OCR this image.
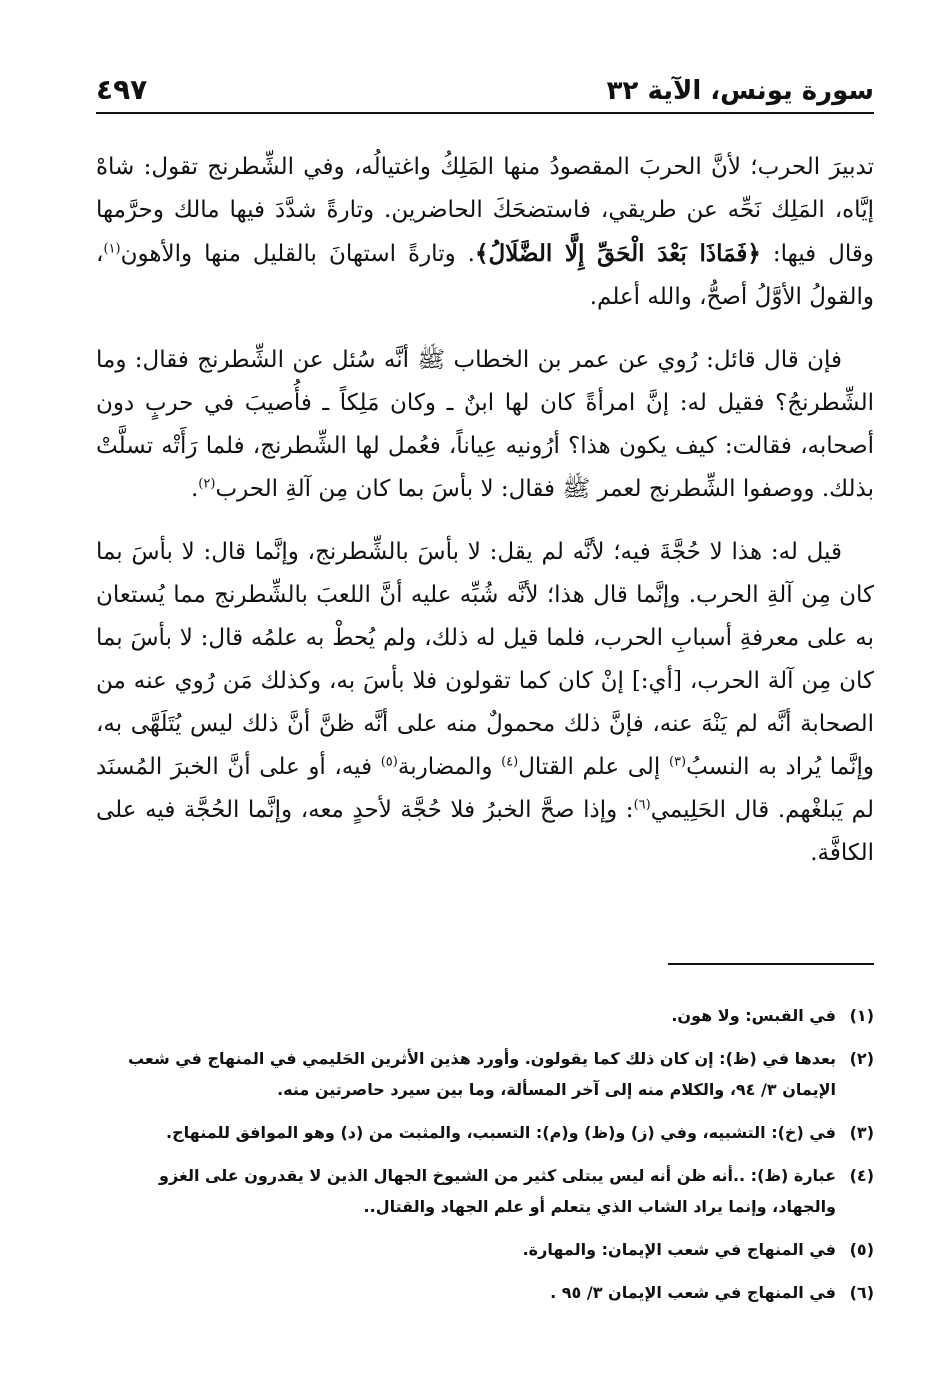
سورة يونس، الآية ٣٢
٤٩٧

تدبيرَ الحرب؛ لأنَّ الحربَ المقصودُ منها المَلِكُ واغتيالُه، وفي الشِّطرنج تقول: شاهْ إيَّاه، المَلِك نَحِّه عن طريقي، فاستضحَكَ الحاضرين. وتارةً شدَّدَ فيها مالك وحرَّمها وقال فيها: ﴿فَمَاذَا بَعْدَ الْحَقِّ إِلَّا الضَّلَالُ﴾. وتارةً استهانَ بالقليل منها والأهون$^{(١)}$، والقولُ الأوَّلُ أصحُّ، والله أعلم.

فإن قال قائل: رُوي عن عمر بن الخطاب ﷺ أنَّه سُئل عن الشِّطرنج فقال: وما الشِّطرنجُ؟ فقيل له: إنَّ امرأةً كان لها ابنٌ ـ وكان مَلِكاً ـ فأُصيبَ في حربٍ دون أصحابه، فقالت: كيف يكون هذا؟ أرُونيه عِياناً، فعُمل لها الشِّطرنج، فلما رَأَتْه تسلَّتْ بذلك. ووصفوا الشِّطرنج لعمر ﷺ فقال: لا بأسَ بما كان مِن آلةِ الحرب$^{(٢)}$.

قيل له: هذا لا حُجَّةَ فيه؛ لأنَّه لم يقل: لا بأسَ بالشِّطرنج، وإنَّما قال: لا بأسَ بما كان مِن آلةِ الحرب. وإنَّما قال هذا؛ لأنَّه شُبِّه عليه أنَّ اللعبَ بالشِّطرنج مما يُستعان به على معرفةِ أسبابِ الحرب، فلما قيل له ذلك، ولم يُحطْ به علمُه قال: لا بأسَ بما كان مِن آلة الحرب، [أي:] إنْ كان كما تقولون فلا بأسَ به، وكذلك مَن رُوي عنه من الصحابة أنَّه لم يَنْهَ عنه، فإنَّ ذلك محمولٌ منه على أنَّه ظنَّ أنَّ ذلك ليس يُتَلَهَّى به، وإنَّما يُراد به النسبُ$^{(٣)}$ إلى علم القتال$^{(٤)}$ والمضاربة$^{(٥)}$ فيه، أو على أنَّ الخبرَ المُسنَد لم يَبلغْهم. قال الحَلِيمي$^{(٦)}$: وإذا صحَّ الخبرُ فلا حُجَّة لأحدٍ معه، وإنَّما الحُجَّة فيه على الكافَّة.

(١)
في القبس: ولا هون.
(٢)
بعدها في (ظ): إن كان ذلك كما يقولون. وأورد هذين الأثرين الحَليمي في المنهاج في شعب الإيمان ٣/ ٩٤، والكلام منه إلى آخر المسألة، وما بين سيرد حاصرتين منه.
(٣)
في (خ): التشبيه، وفي (ز) و(ظ) و(م): التسبب، والمثبت من (د) وهو الموافق للمنهاج.
(٤)
عبارة (ظ): ..أنه ظن أنه ليس يبتلى كثير من الشيوخ الجهال الذين لا يقدرون على الغزو والجهاد، وإنما يراد الشاب الذي يتعلم أو علم الجهاد والقتال..
(٥)
في المنهاج في شعب الإيمان: والمهارة.
(٦)
في المنهاج في شعب الإيمان ٣/ ٩٥ .
